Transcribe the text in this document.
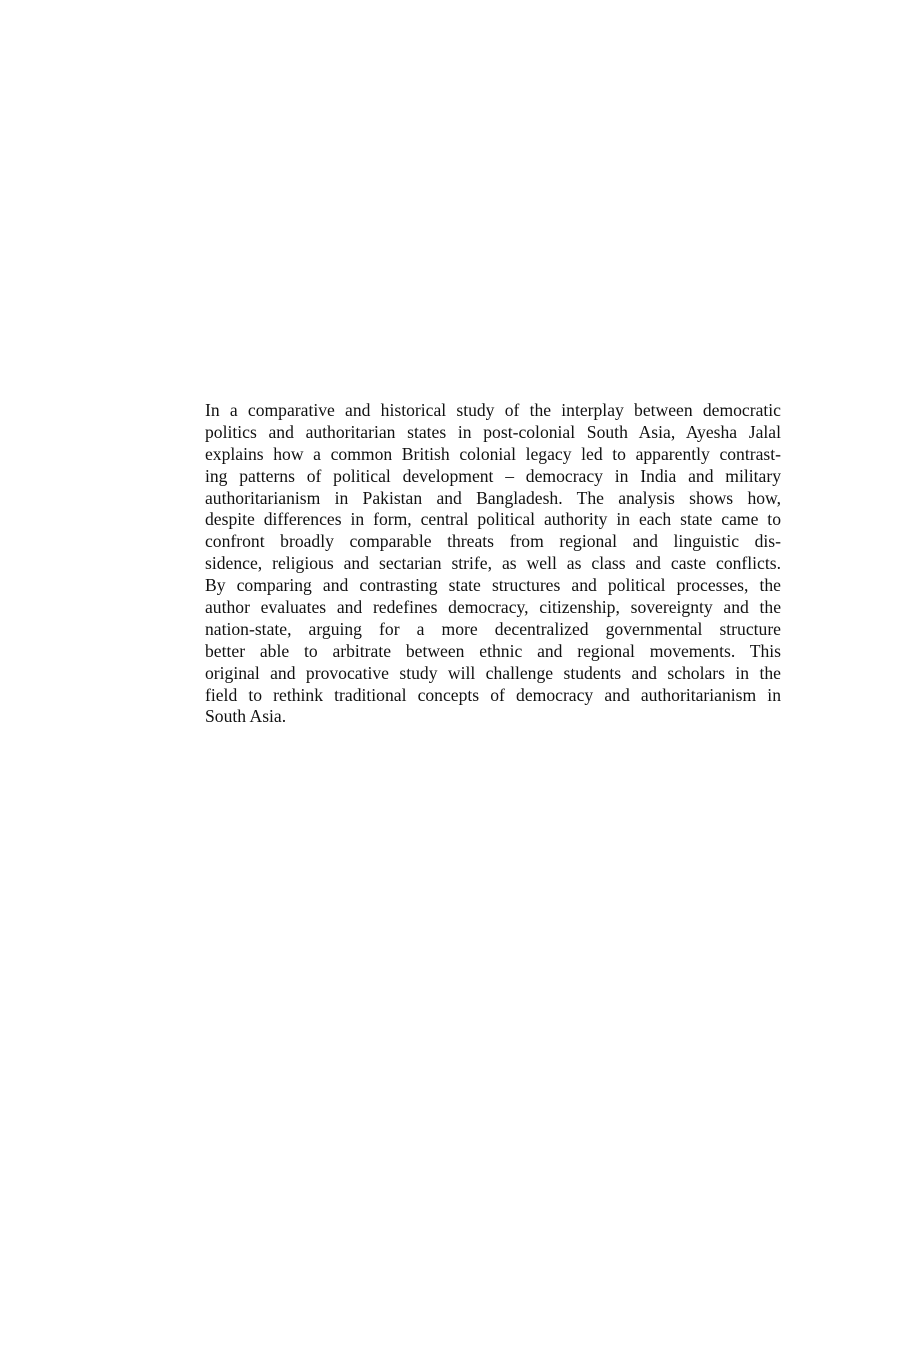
In a comparative and historical study of the interplay between democratic
politics and authoritarian states in post-colonial South Asia, Ayesha Jalal
explains how a common British colonial legacy led to apparently contrast-
ing patterns of political development – democracy in India and military
authoritarianism in Pakistan and Bangladesh. The analysis shows how,
despite differences in form, central political authority in each state came to
confront broadly comparable threats from regional and linguistic dis-
sidence, religious and sectarian strife, as well as class and caste conflicts.
By comparing and contrasting state structures and political processes, the
author evaluates and redefines democracy, citizenship, sovereignty and the
nation-state, arguing for a more decentralized governmental structure
better able to arbitrate between ethnic and regional movements. This
original and provocative study will challenge students and scholars in the
field to rethink traditional concepts of democracy and authoritarianism in
South Asia.
